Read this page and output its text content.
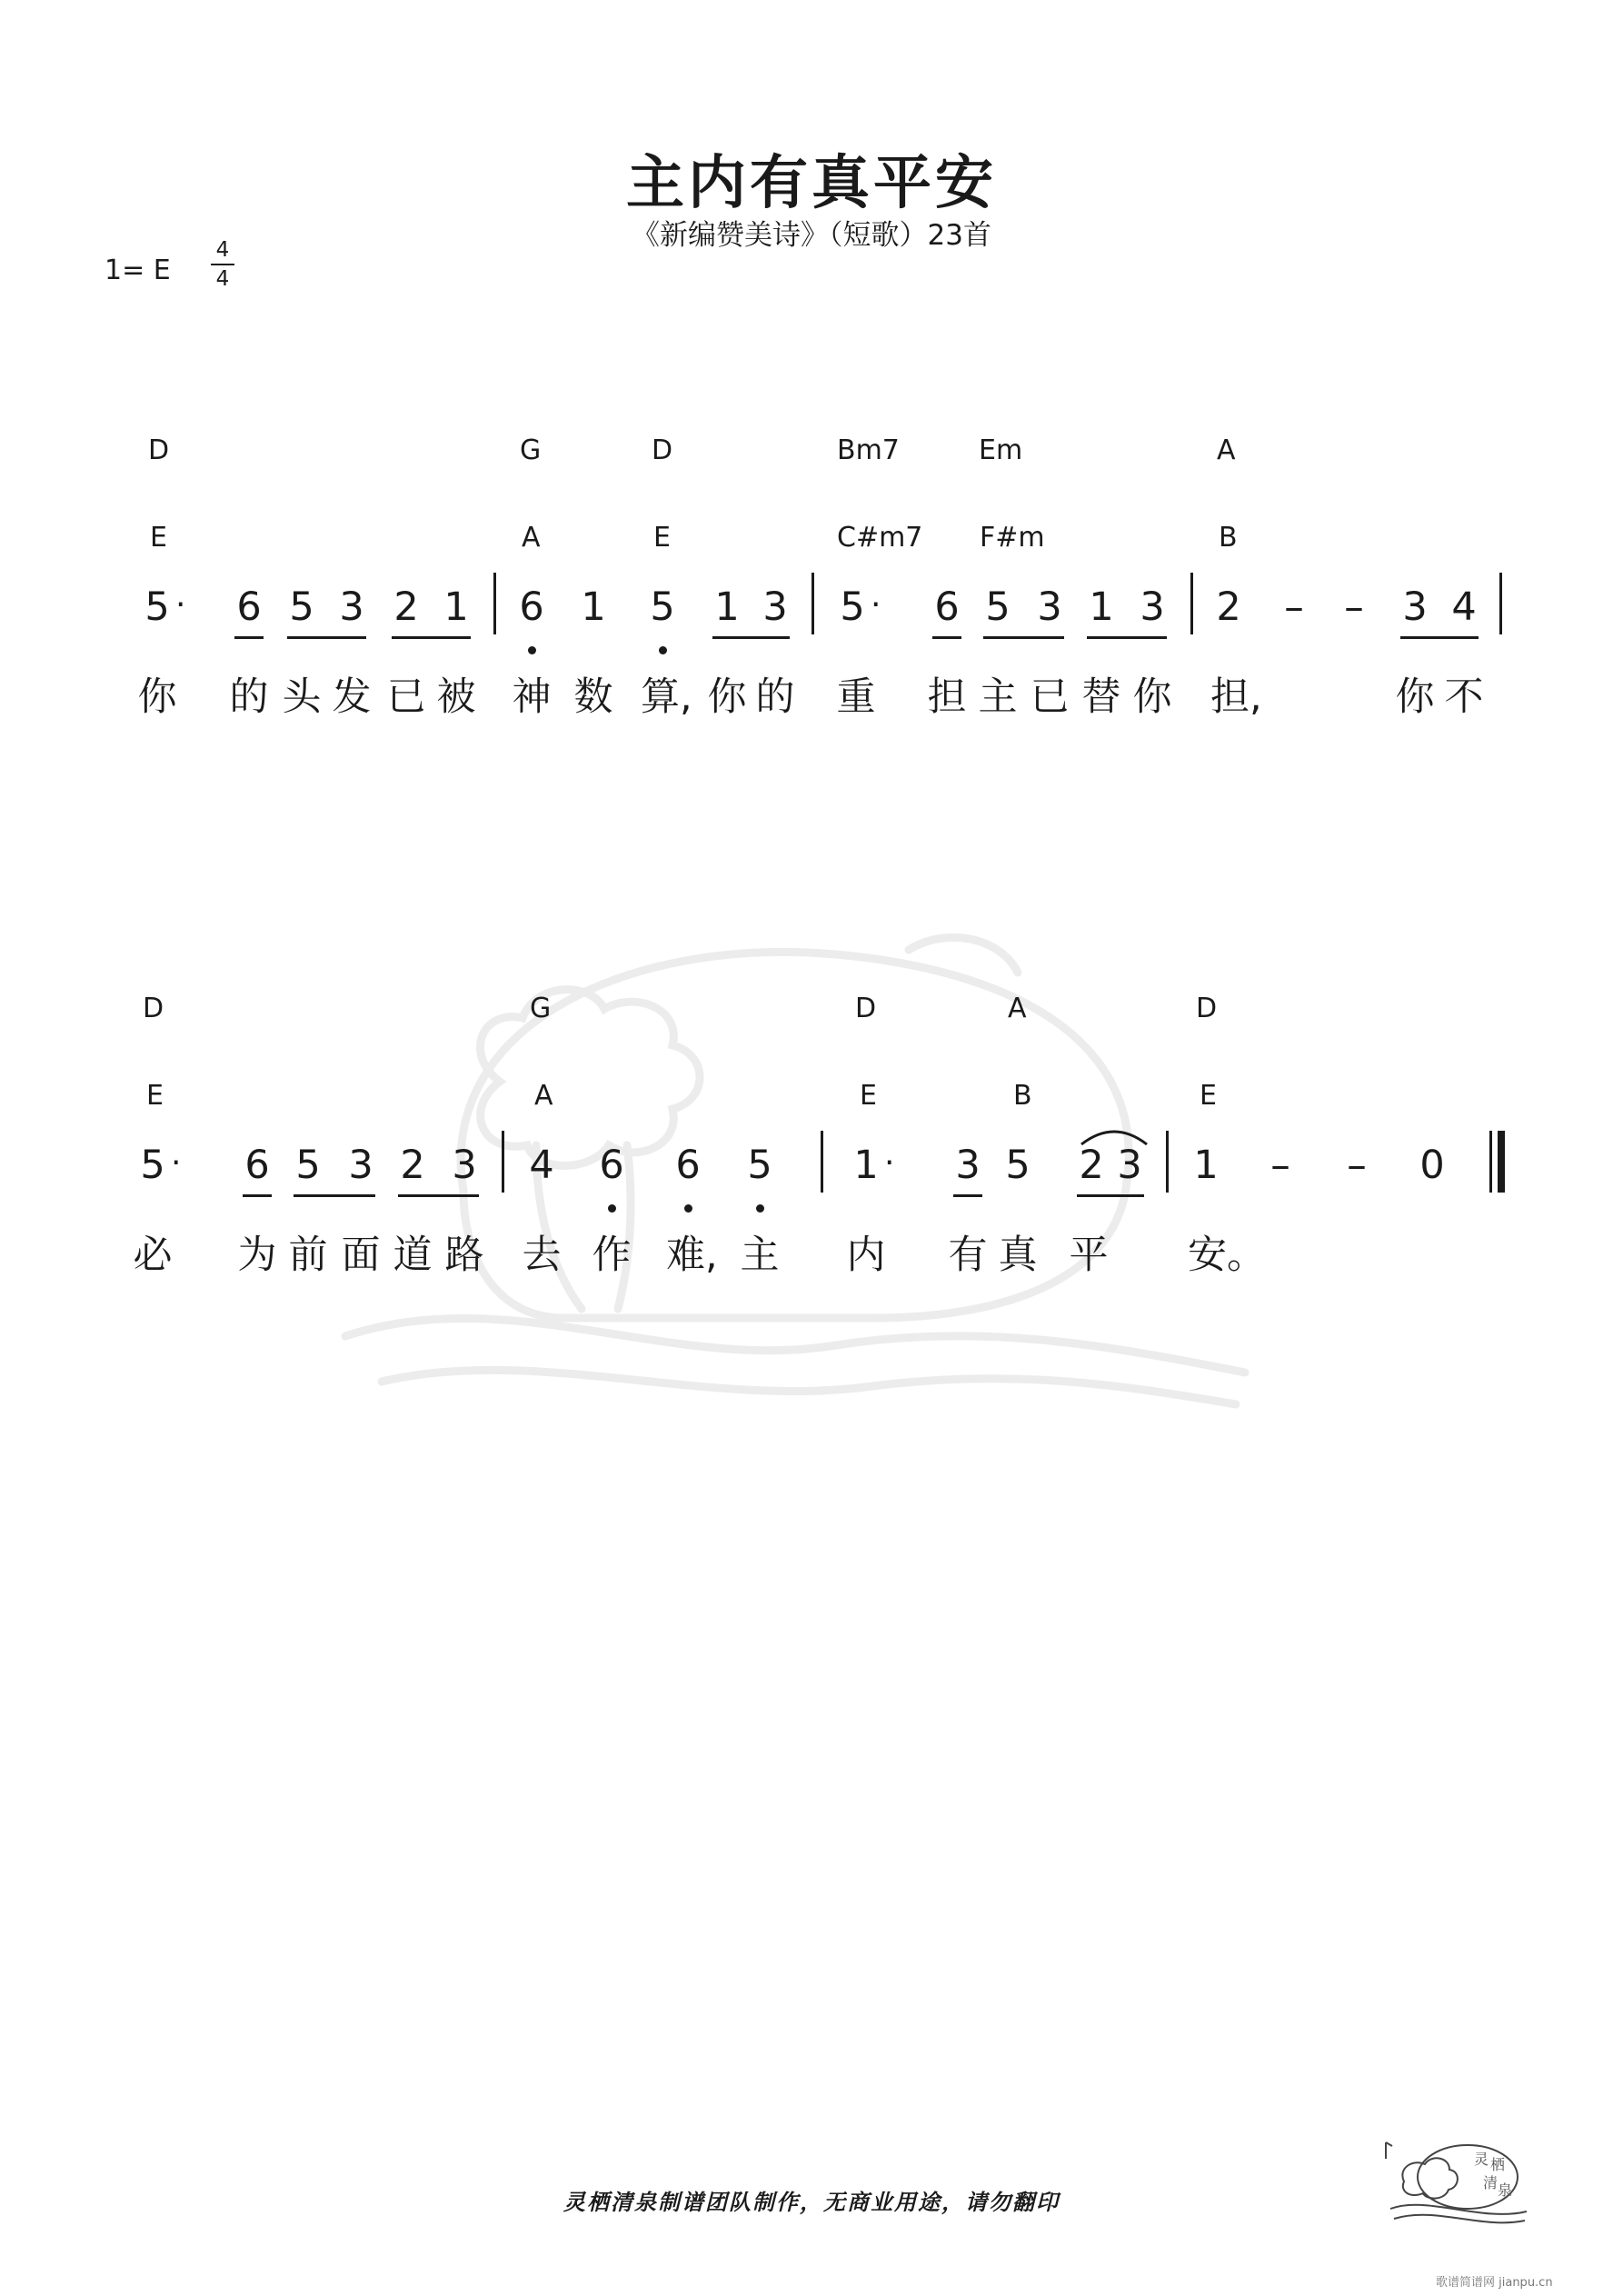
主内有真平安
《新编赞美诗》（短歌）23首
1= E
4
4
D	G	D	Bm7	Em	A
E	A	E	C#m7 F#m	B
5 · 6 5 3 2 1 6 1 5 1 3 5 · 6 5 3 1 3 2 – – 3 4
你 的 头 发 已 被 神 数 算, 你 的 重 担 主 已 替 你 担,	你 不
D	G	D	A	D
E	A	E	B	E
5 · 6 5 3 2 3 4 6 6 5 1 · 3 5 2 3 1 – – 0
必 为 前 面 道 路 去 作 难, 主 内 有 真 平 安。
灵栖清泉制谱团队制作，无商业用途，请勿翻印
灵 栖
清 泉
歌谱简谱网 jianpu.cn
